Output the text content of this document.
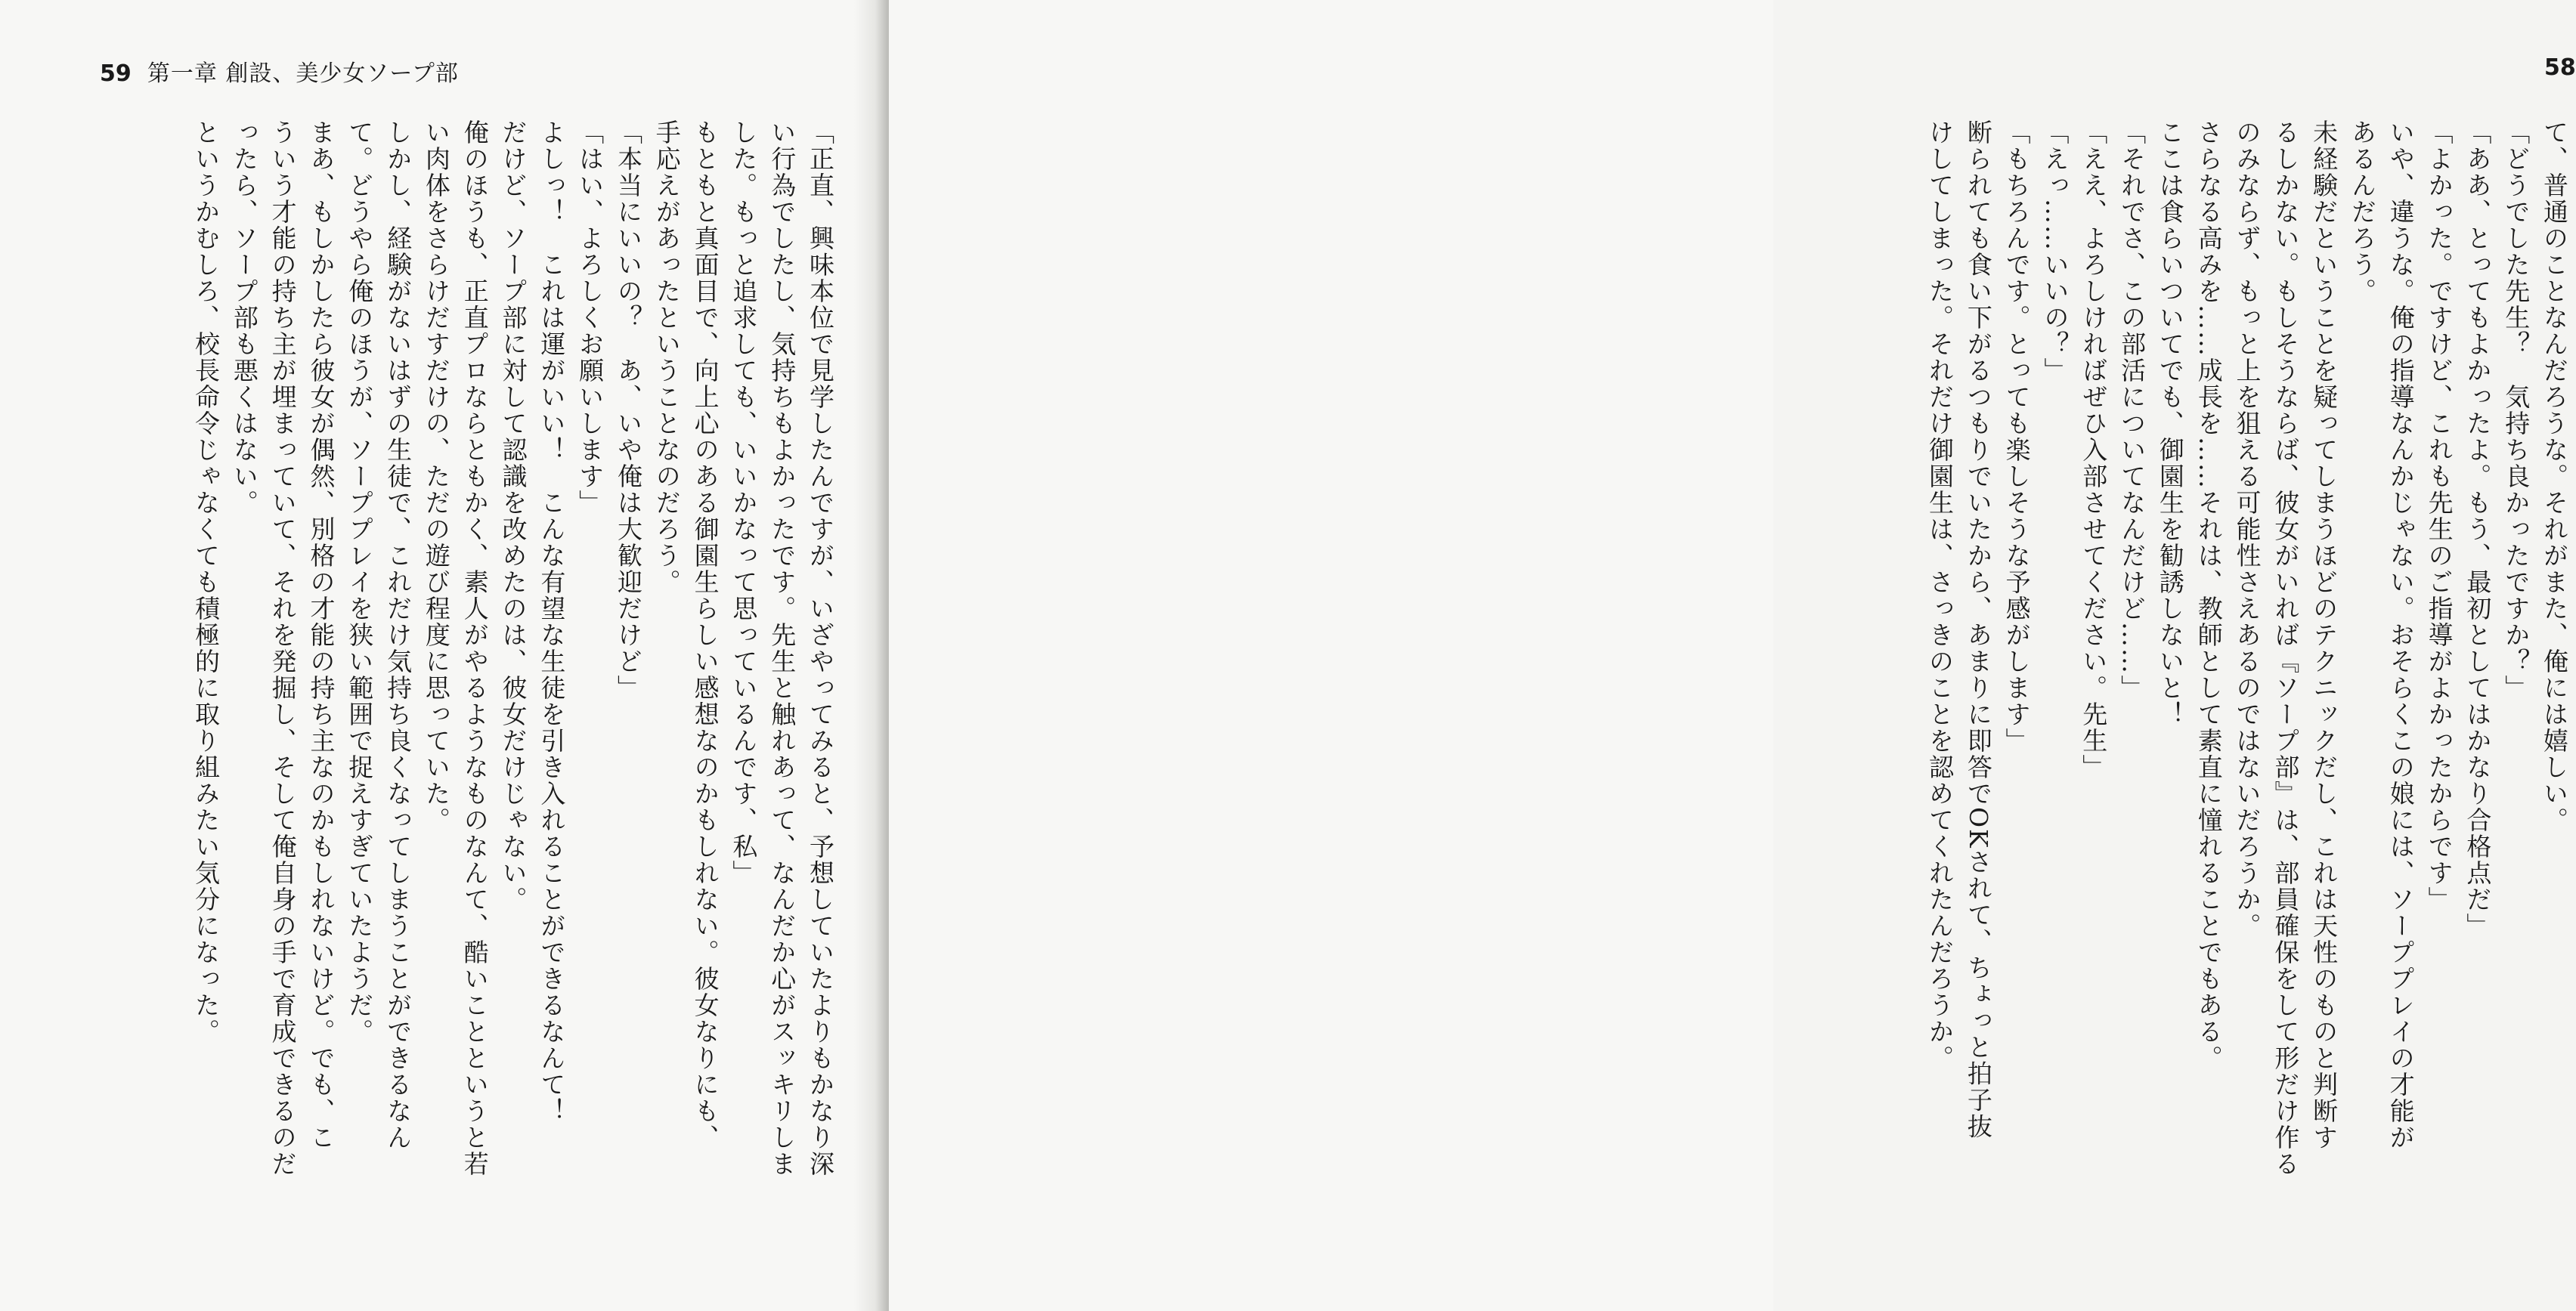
59 第一章 創設、美少女ソープ部

「正直、興味本位で見学したんですが、いざやってみると、予想していたよりもかなり深

い行為でしたし、気持ちもよかったです。先生と触れあって、なんだか心がスッキリしま

した。もっと追求しても、いいかなって思っているんです、私」

もともと真面目で、向上心のある御園生らしい感想なのかもしれない。彼女なりにも、

手応えがあったということなのだろう。

「本当にいいの？　あ、いや俺は大歓迎だけど」

「はい、よろしくお願いします」

よしっ！　これは運がいい！　こんな有望な生徒を引き入れることができるなんて！

だけど、ソープ部に対して認識を改めたのは、彼女だけじゃない。

俺のほうも、正直プロならともかく、素人がやるようなものなんて、酷いことというと若

い肉体をさらけだすだけの、ただの遊び程度に思っていた。

しかし、経験がないはずの生徒で、これだけ気持ち良くなってしまうことができるなん

て。どうやら俺のほうが、ソーププレイを狭い範囲で捉えすぎていたようだ。

まあ、もしかしたら彼女が偶然、別格の才能の持ち主なのかもしれないけど。でも、こ

ういう才能の持ち主が埋まっていて、それを発掘し、そして俺自身の手で育成できるのだ

ったら、ソープ部も悪くはない。

というかむしろ、校長命令じゃなくても積極的に取り組みたい気分になった。

58

て、普通のことなんだろうな。それがまた、俺には嬉しい。

「どうでした先生？　気持ち良かったですか？」

「ああ、とってもよかったよ。もう、最初としてはかなり合格点だ」

「よかった。ですけど、これも先生のご指導がよかったからです」

いや、違うな。俺の指導なんかじゃない。おそらくこの娘には、ソーププレイの才能が

あるんだろう。

未経験だということを疑ってしまうほどのテクニックだし、これは天性のものと判断す

るしかない。もしそうならば、彼女がいれば『ソープ部』は、部員確保をして形だけ作る

のみならず、もっと上を狙える可能性さえあるのではないだろうか。

さらなる高みを……成長を……それは、教師として素直に憧れることでもある。

ここは食らいついてでも、御園生を勧誘しないと！

「それでさ、この部活についてなんだけど……」

「ええ、よろしければぜひ入部させてください。先生」

「えっ……いいの？」

「もちろんです。とっても楽しそうな予感がします」

断られても食い下がるつもりでいたから、あまりに即答でOKされて、ちょっと拍子抜

けしてしまった。それだけ御園生は、さっきのことを認めてくれたんだろうか。
